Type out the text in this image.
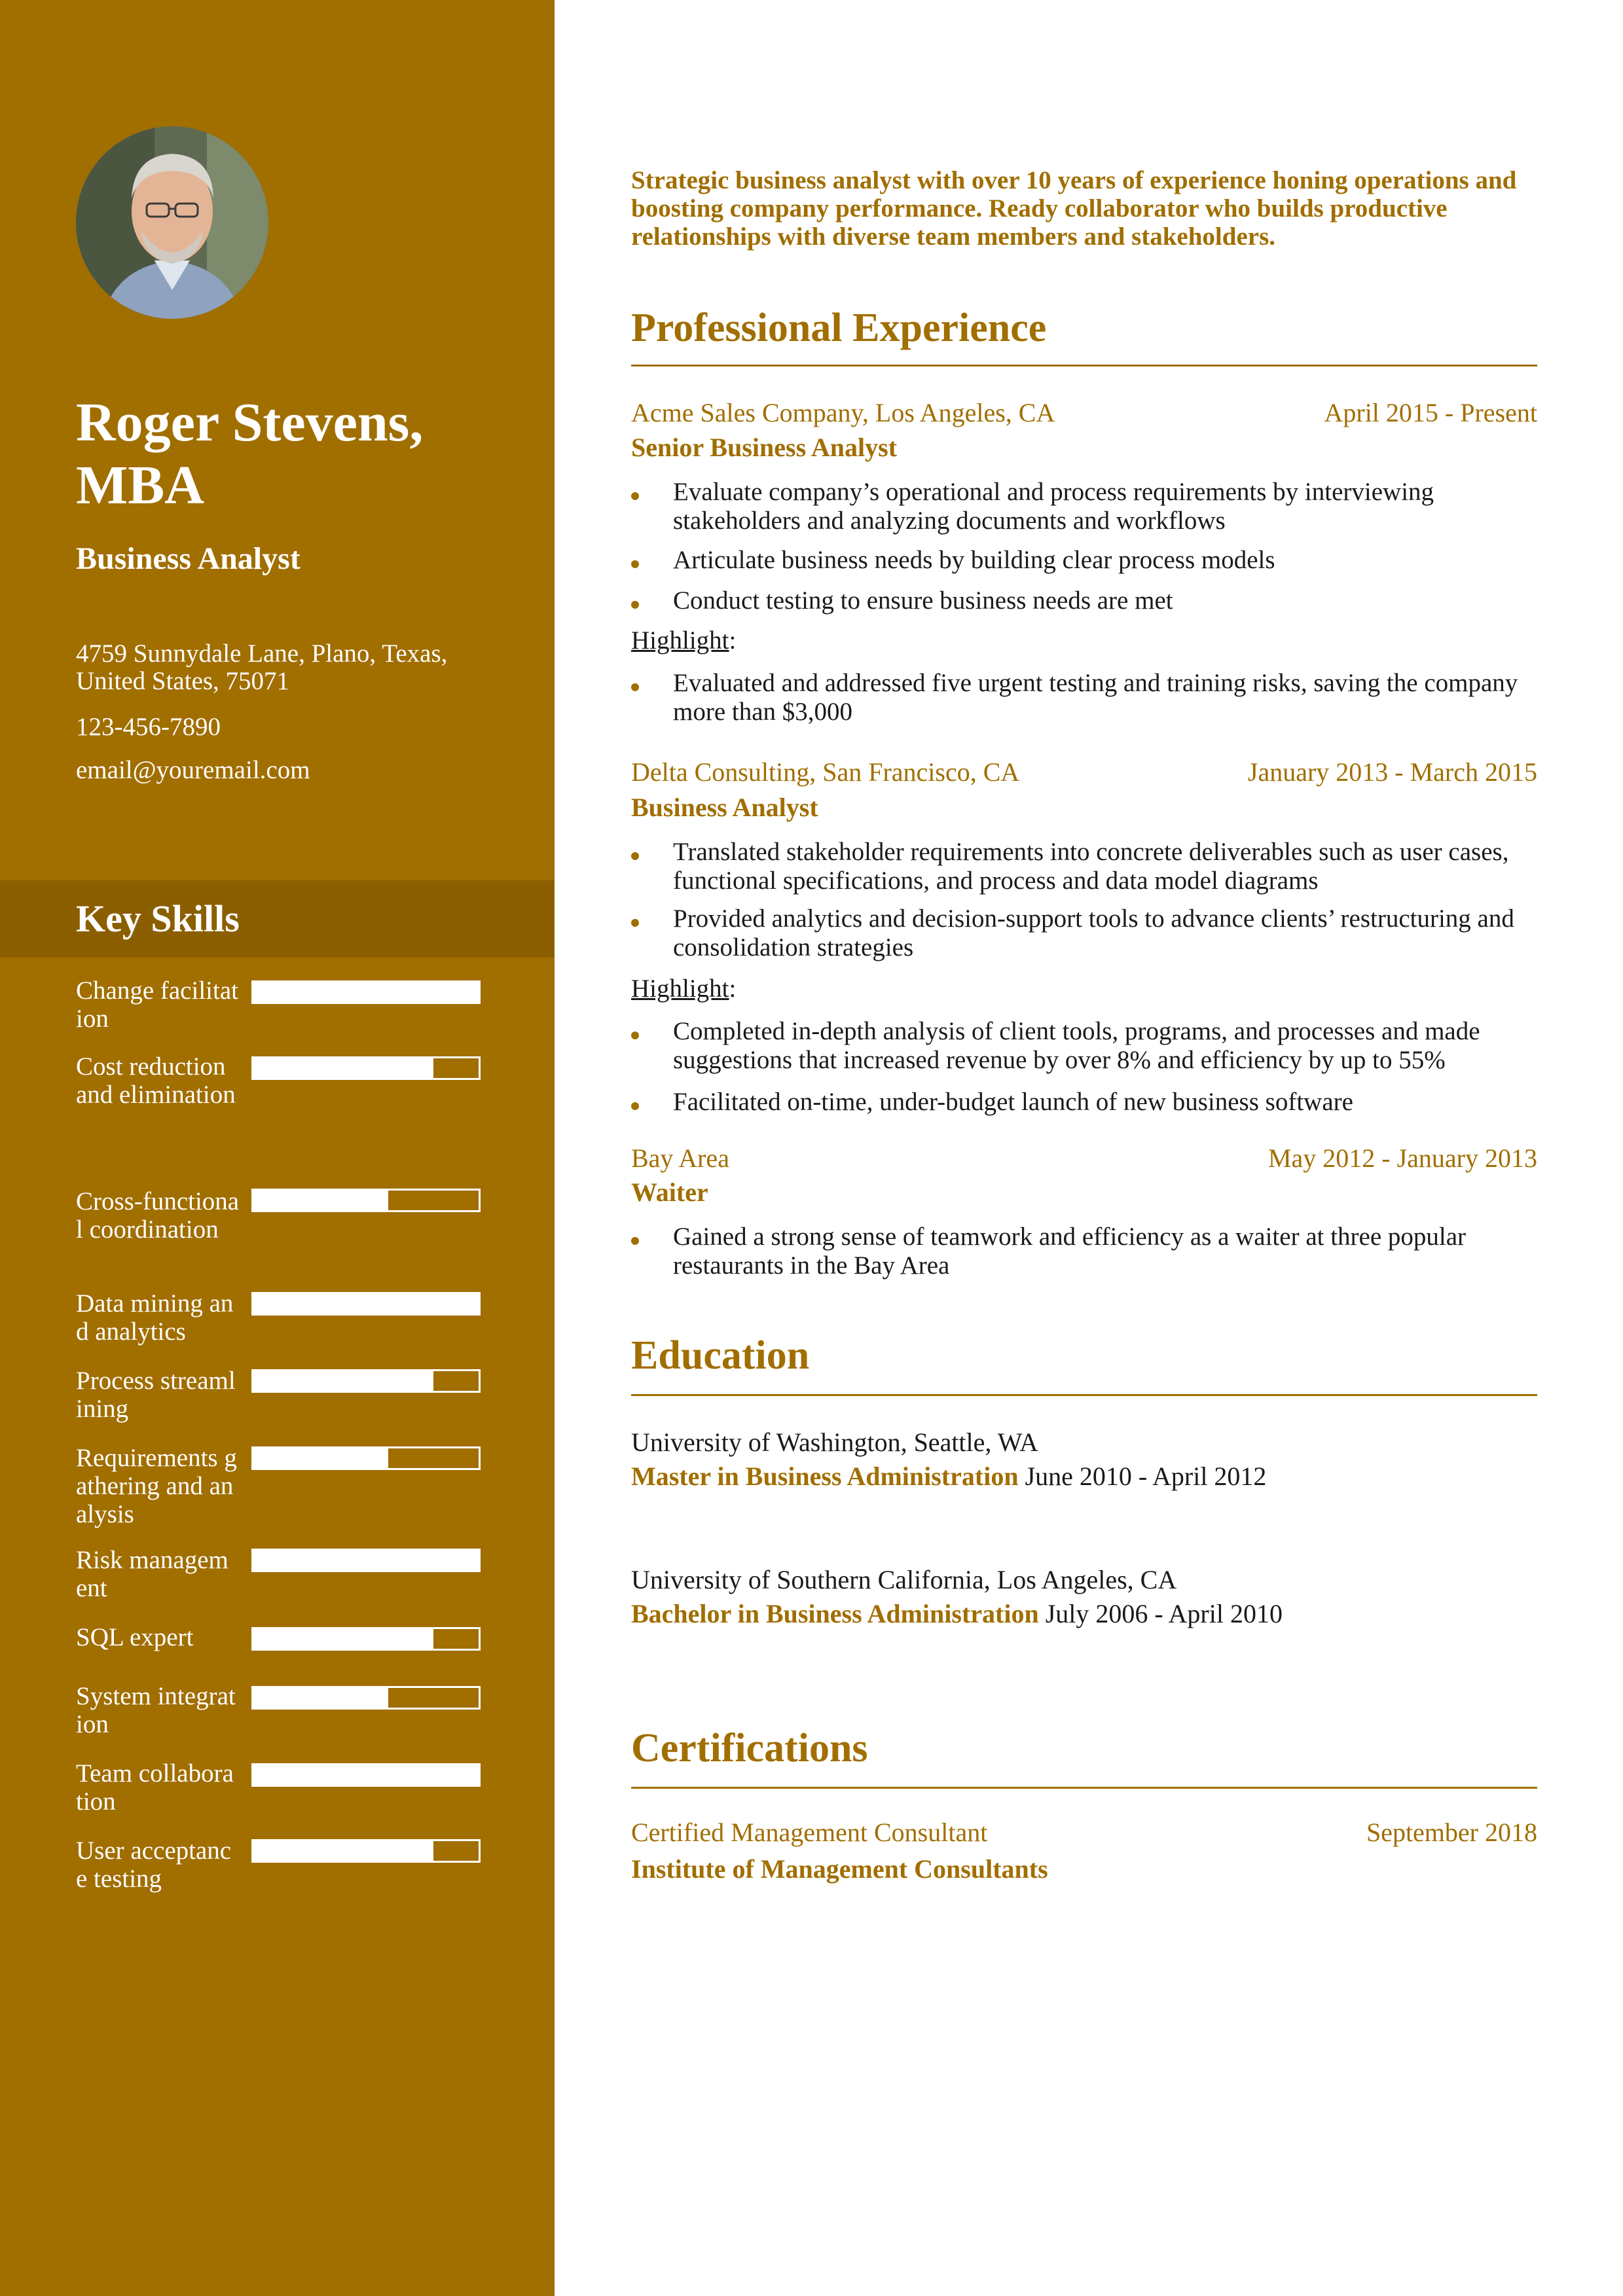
Roger Stevens, MBA
Business Analyst
4759 Sunnydale Lane, Plano, Texas, United States, 75071
123-456-7890
email@youremail.com
Key Skills
Change facilitation
Cost reduction and elimination
Cross-functional coordination
Data mining and analytics
Process streamlining
Requirements gathering and analysis
Risk management
SQL expert
System integration
Team collaboration
User acceptance testing

Strategic business analyst with over 10 years of experience honing operations and boosting company performance. Ready collaborator who builds productive relationships with diverse team members and stakeholders.

Professional Experience
Acme Sales Company, Los Angeles, CA	April 2015 - Present
Senior Business Analyst
Evaluate company’s operational and process requirements by interviewing stakeholders and analyzing documents and workflows
Articulate business needs by building clear process models
Conduct testing to ensure business needs are met
Highlight:
Evaluated and addressed five urgent testing and training risks, saving the company more than $3,000
Delta Consulting, San Francisco, CA	January 2013 - March 2015
Business Analyst
Translated stakeholder requirements into concrete deliverables such as user cases, functional specifications, and process and data model diagrams
Provided analytics and decision-support tools to advance clients’ restructuring and consolidation strategies
Highlight:
Completed in-depth analysis of client tools, programs, and processes and made suggestions that increased revenue by over 8% and efficiency by up to 55%
Facilitated on-time, under-budget launch of new business software
Bay Area	May 2012 - January 2013
Waiter
Gained a strong sense of teamwork and efficiency as a waiter at three popular restaurants in the Bay Area
Education
University of Washington, Seattle, WA
Master in Business Administration June 2010 - April 2012
University of Southern California, Los Angeles, CA
Bachelor in Business Administration July 2006 - April 2010
Certifications
Certified Management Consultant	September 2018
Institute of Management Consultants
